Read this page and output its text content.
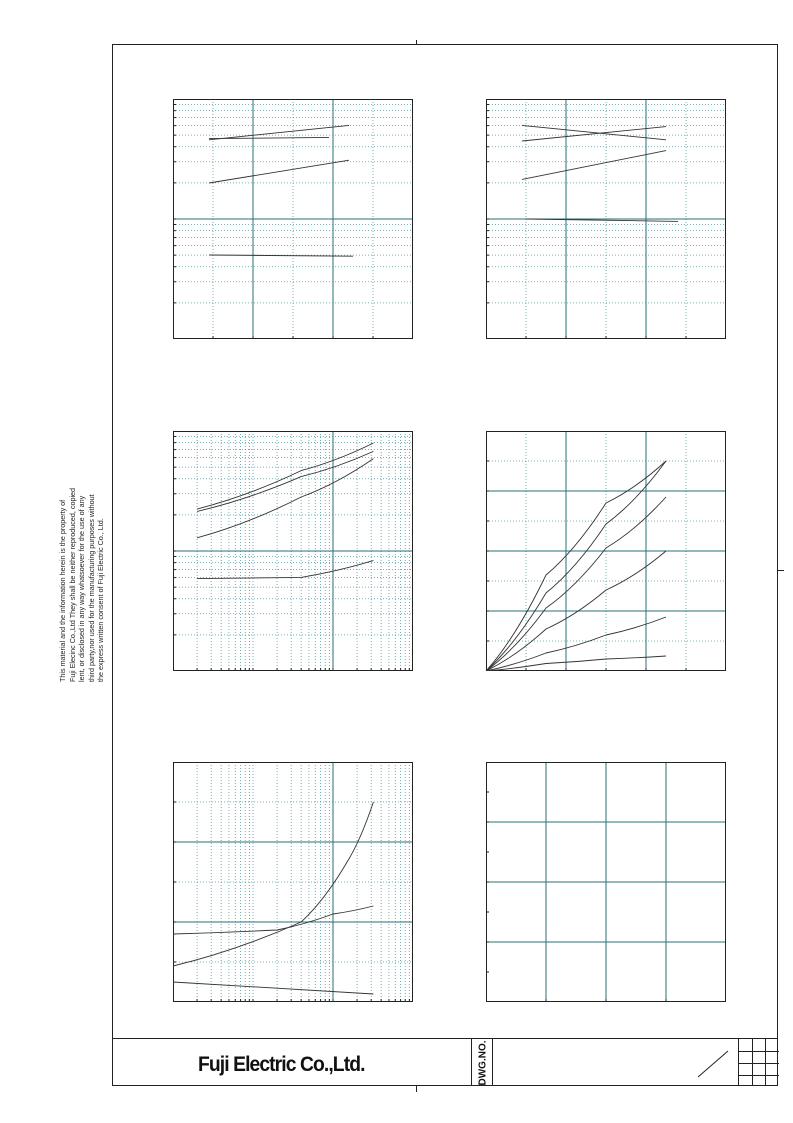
This material and the information herein is the property of Fuji Elecinc Co.,Ltd They shall be neither reproduced, copied lent, or disclosed in any way whatsoever for the use of any third party,nor used for the manufacturing purposes without the express written consent of Fuji Electric Co., Ltd.
Fuji Electric Co.,Ltd.	DWG.NO.
